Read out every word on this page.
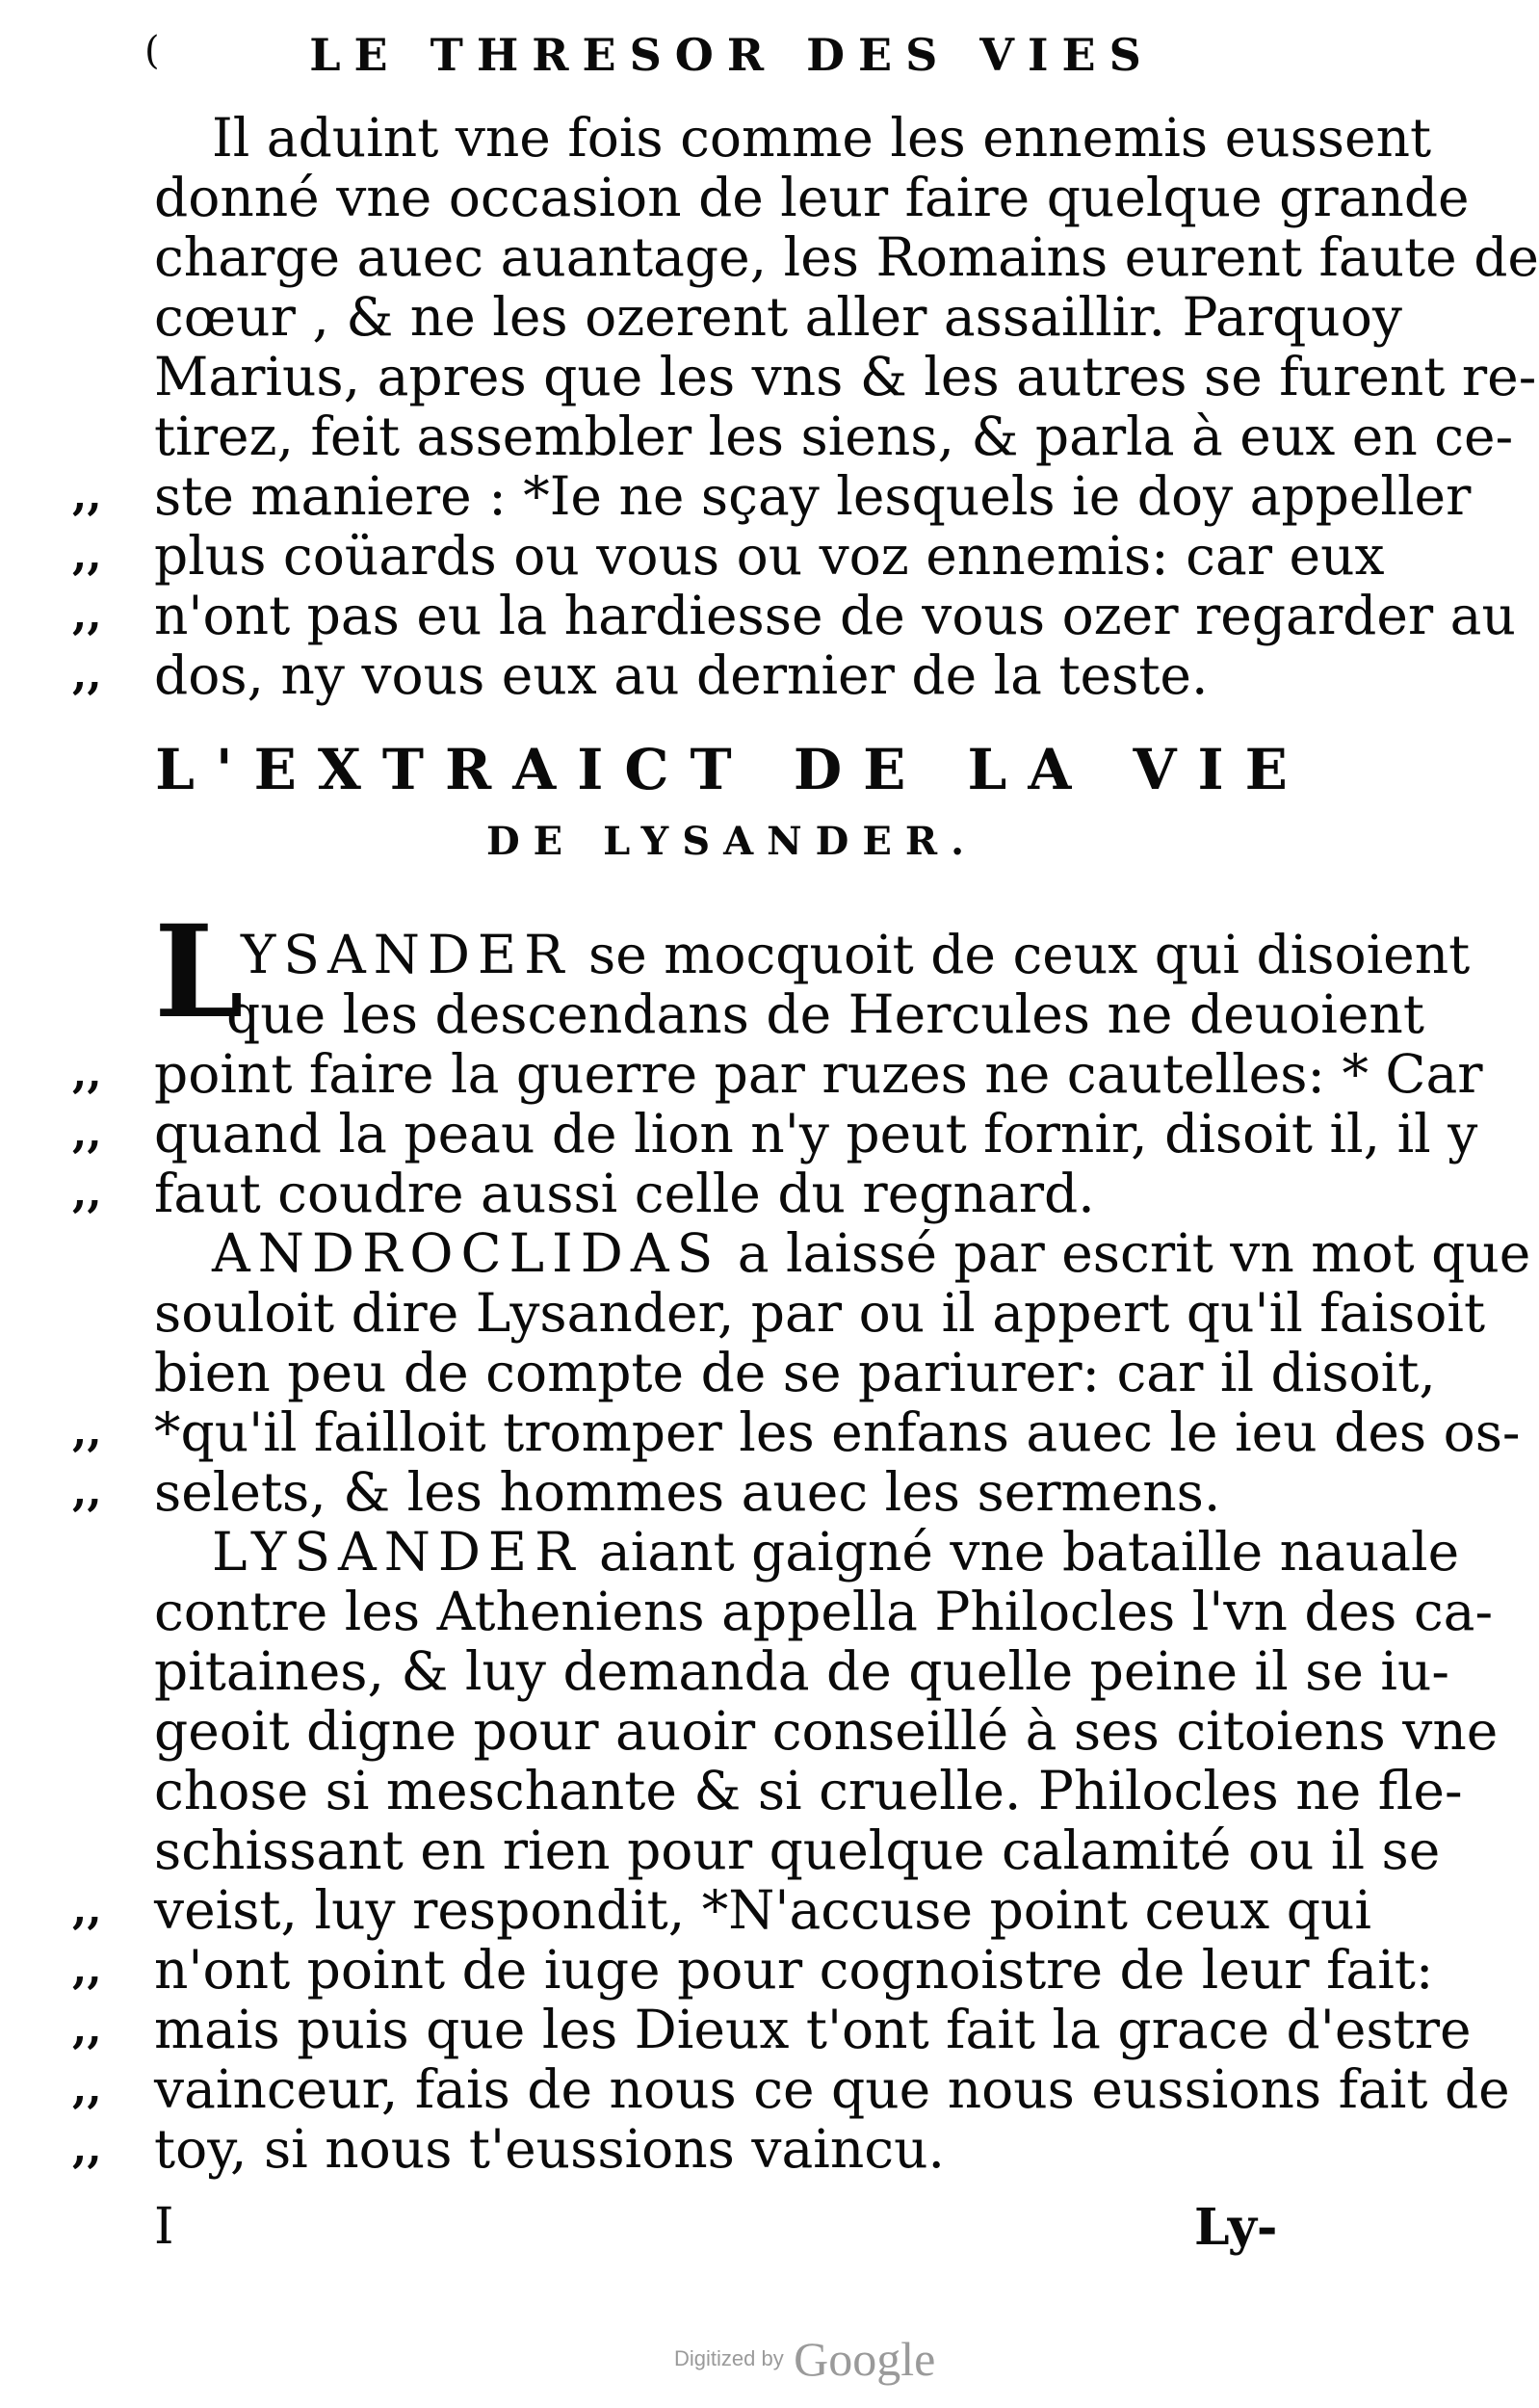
(	LE THRESOR DES VIES
Il aduint vne fois comme les ennemis eussent
donné vne occasion de leur faire quelque grande
charge auec auantage, les Romains eurent faute de
cœur , & ne les ozerent aller assaillir. Parquoy
Marius, apres que les vns & les autres se furent re-
tirez, feit assembler les siens, & parla à eux en ce-
,, ste maniere : *Ie ne sçay lesquels ie doy appeller
,, plus coüards ou vous ou voz ennemis: car eux
,, n'ont pas eu la hardiesse de vous ozer regarder au
,, dos, ny vous eux au dernier de la teste.
L'EXTRAICT DE LA VIE
DE LYSANDER.
L
YSANDER se mocquoit de ceux qui disoient
que les descendans de Hercules ne deuoient
,, point faire la guerre par ruzes ne cautelles: * Car
,, quand la peau de lion n'y peut fornir, disoit il, il y
,, faut coudre aussi celle du regnard.
ANDROCLIDAS a laissé par escrit vn mot que
souloit dire Lysander, par ou il appert qu'il faisoit
bien peu de compte de se pariurer: car il disoit,
,, *qu'il failloit tromper les enfans auec le ieu des os-
,, selets, & les hommes auec les sermens.
LYSANDER aiant gaigné vne bataille nauale
contre les Atheniens appella Philocles l'vn des ca-
pitaines, & luy demanda de quelle peine il se iu-
geoit digne pour auoir conseillé à ses citoiens vne
chose si meschante & si cruelle. Philocles ne fle-
schissant en rien pour quelque calamité ou il se
,, veist, luy respondit, *N'accuse point ceux qui
,, n'ont point de iuge pour cognoistre de leur fait:
,, mais puis que les Dieux t'ont fait la grace d'estre
,, vainceur, fais de nous ce que nous eussions fait de
,, toy, si nous t'eussions vaincu.
I	Ly-
Digitized by Google
